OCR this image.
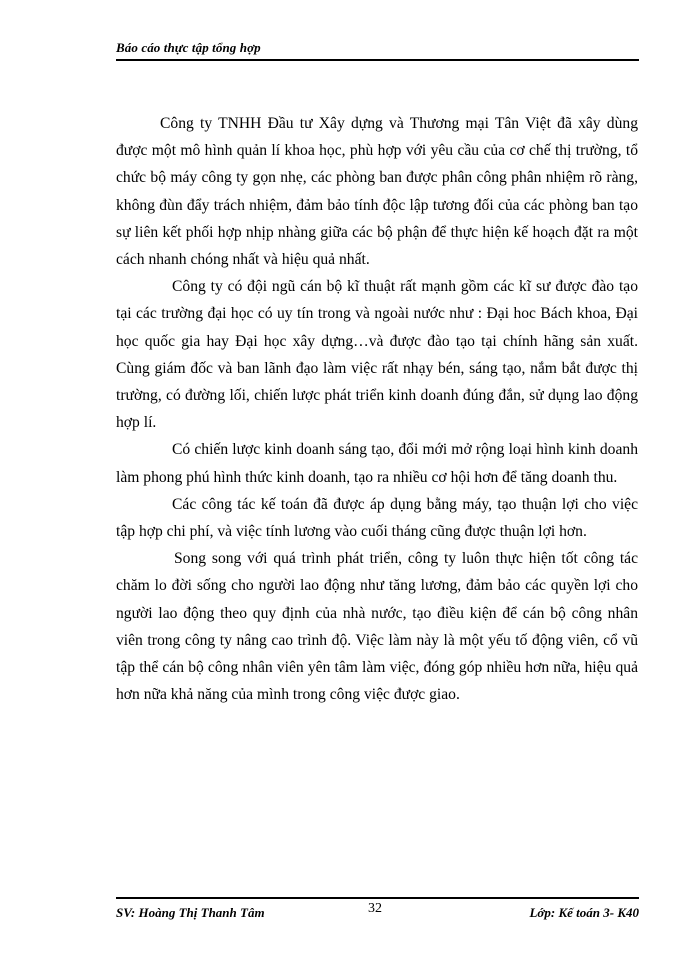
Báo cáo thực tập tổng hợp

Công ty TNHH Đầu tư Xây dựng và Thương mại Tân Việt đã xây dùng được một mô hình quản lí khoa học, phù hợp với yêu cầu của cơ chế thị trường, tổ chức bộ máy công ty gọn nhẹ, các phòng ban được phân công phân nhiệm rõ ràng, không đùn đẩy trách nhiệm, đảm bảo tính độc lập tương đối của các phòng ban tạo sự liên kết phối hợp nhịp nhàng giữa các bộ phận để thực hiện kế hoạch đặt ra một cách nhanh chóng nhất và hiệu quả nhất.

Công ty có đội ngũ cán bộ kĩ thuật rất mạnh gồm các kĩ sư được đào tạo tại các trường đại học có uy tín trong và ngoài nước như : Đại hoc Bách khoa, Đại học quốc gia hay Đại học xây dựng…và được đào tạo tại chính hãng sản xuất. Cùng giám đốc và ban lãnh đạo làm việc rất nhạy bén, sáng tạo, nắm bắt được thị trường, có đường lối, chiến lược phát triển kinh doanh đúng đắn, sử dụng lao động hợp lí.

Có chiến lược kinh doanh sáng tạo, đổi mới mở rộng loại hình kinh doanh làm phong phú hình thức kinh doanh, tạo ra nhiều cơ hội hơn để tăng doanh thu.

Các công tác kế toán đã được áp dụng bằng máy, tạo thuận lợi cho việc tập hợp chi phí, và việc tính lương vào cuối tháng cũng được thuận lợi hơn.

Song song với quá trình phát triển, công ty luôn thực hiện tốt công tác chăm lo đời sống cho người lao động như tăng lương, đảm bảo các quyền lợi cho người lao động theo quy định của nhà nước, tạo điều kiện để cán bộ công nhân viên trong công ty nâng cao trình độ. Việc làm này là một yếu tố động viên, cổ vũ tập thể cán bộ công nhân viên yên tâm làm việc, đóng góp nhiều hơn nữa, hiệu quả hơn nữa khả năng của mình trong công việc được giao.

SV: Hoàng Thị Thanh Tâm	32	Lớp: Kế toán 3- K40
